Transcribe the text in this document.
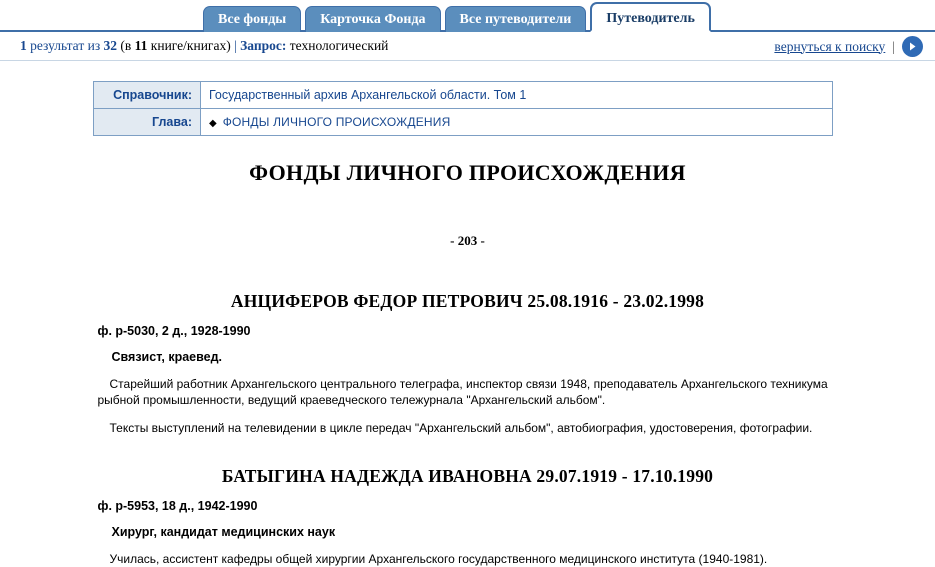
Все фонды	Карточка Фонда	Все путеводители	Путеводитель
1 результат из 32 (в 11 книге/книгах) | Запрос: технологический	вернуться к поиску |
Справочник:	Государственный архив Архангельской области. Том 1
Глава:	◆ ФОНДЫ ЛИЧНОГО ПРОИСХОЖДЕНИЯ
ФОНДЫ ЛИЧНОГО ПРОИСХОЖДЕНИЯ
- 203 -
АНЦИФЕРОВ ФЕДОР ПЕТРОВИЧ 25.08.1916 - 23.02.1998
ф. р-5030, 2 д., 1928-1990
Связист, краевед.
Старейший работник Архангельского центрального телеграфа, инспектор связи 1948, преподаватель Архангельского техникума рыбной промышленности, ведущий краеведческого тележурнала "Архангельский альбом".
Тексты выступлений на телевидении в цикле передач "Архангельский альбом", автобиография, удостоверения, фотографии.
БАТЫГИНА НАДЕЖДА ИВАНОВНА 29.07.1919 - 17.10.1990
ф. р-5953, 18 д., 1942-1990
Хирург, кандидат медицинских наук
Училась, ассистент кафедры общей хирургии Архангельского государственного медицинского института (1940-1981).
